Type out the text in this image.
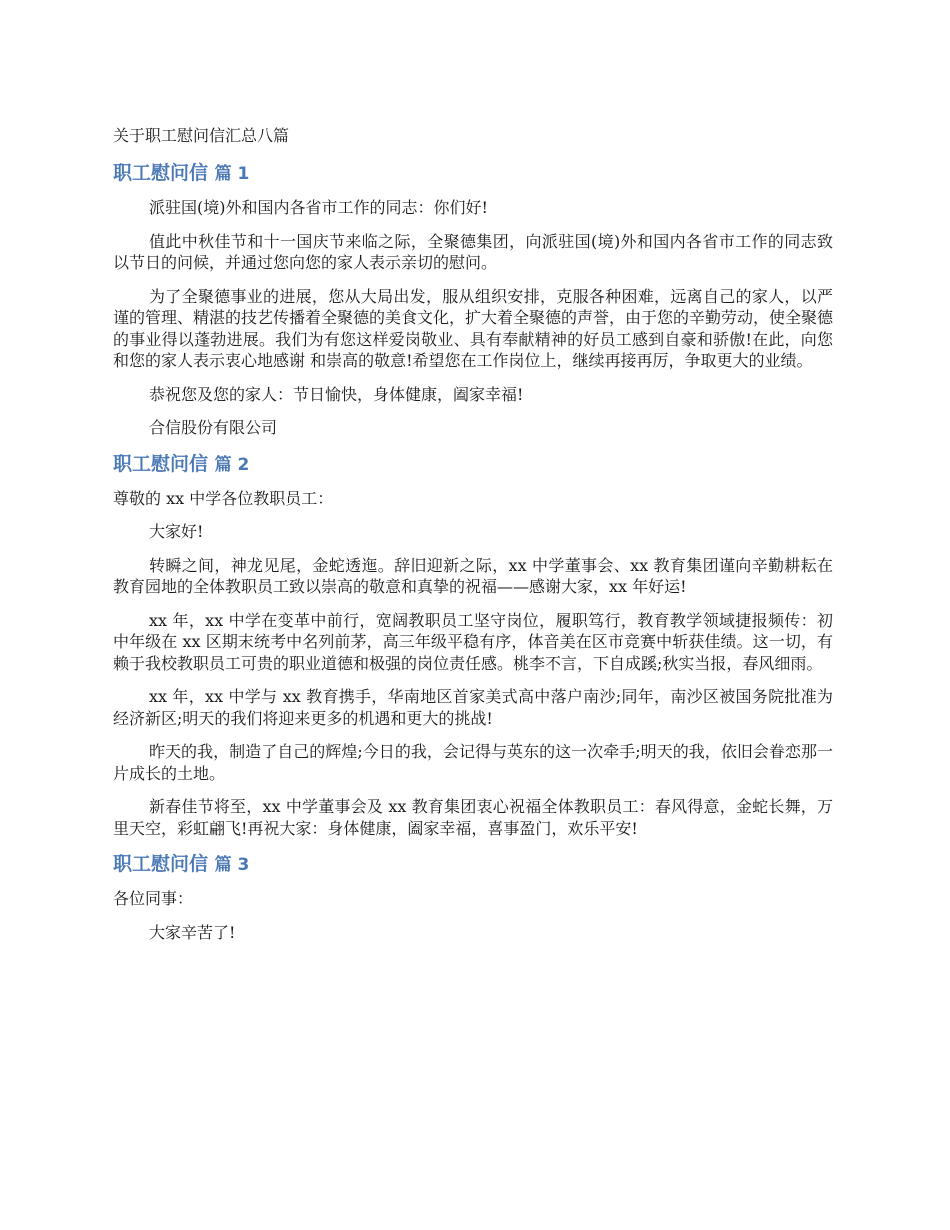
关于职工慰问信汇总八篇
职工慰问信 篇 1

派驻国(境)外和国内各省市工作的同志：你们好!

值此中秋佳节和十一国庆节来临之际，全聚德集团，向派驻国(境)外和国内各省市工作的同志致以节日的问候，并通过您向您的家人表示亲切的慰问。

为了全聚德事业的进展，您从大局出发，服从组织安排，克服各种困难，远离自己的家人，以严谨的管理、精湛的技艺传播着全聚德的美食文化，扩大着全聚德的声誉，由于您的辛勤劳动，使全聚德的事业得以蓬勃进展。我们为有您这样爱岗敬业、具有奉献精神的好员工感到自豪和骄傲!在此，向您和您的家人表示衷心地感谢 和崇高的敬意!希望您在工作岗位上，继续再接再厉，争取更大的业绩。

恭祝您及您的家人：节日愉快，身体健康，阖家幸福!

合信股份有限公司

职工慰问信 篇 2

尊敬的 xx 中学各位教职员工：

大家好!

转瞬之间，神龙见尾，金蛇透迤。辞旧迎新之际，xx 中学董事会、xx 教育集团谨向辛勤耕耘在教育园地的全体教职员工致以崇高的敬意和真挚的祝福——感谢大家，xx 年好运!

xx 年，xx 中学在变革中前行，宽阔教职员工坚守岗位，履职笃行，教育教学领域捷报频传：初中年级在 xx 区期末统考中名列前茅，高三年级平稳有序，体音美在区市竞赛中斩获佳绩。这一切，有赖于我校教职员工可贵的职业道德和极强的岗位责任感。桃李不言，下自成蹊;秋实当报，春风细雨。

xx 年，xx 中学与 xx 教育携手，华南地区首家美式高中落户南沙;同年，南沙区被国务院批准为经济新区;明天的我们将迎来更多的机遇和更大的挑战!

昨天的我，制造了自己的辉煌;今日的我，会记得与英东的这一次牵手;明天的我，依旧会眷恋那一片成长的土地。

新春佳节将至，xx 中学董事会及 xx 教育集团衷心祝福全体教职员工：春风得意，金蛇长舞，万里天空，彩虹翩飞!再祝大家：身体健康，阖家幸福，喜事盈门，欢乐平安!

职工慰问信 篇 3

各位同事：

大家辛苦了!
